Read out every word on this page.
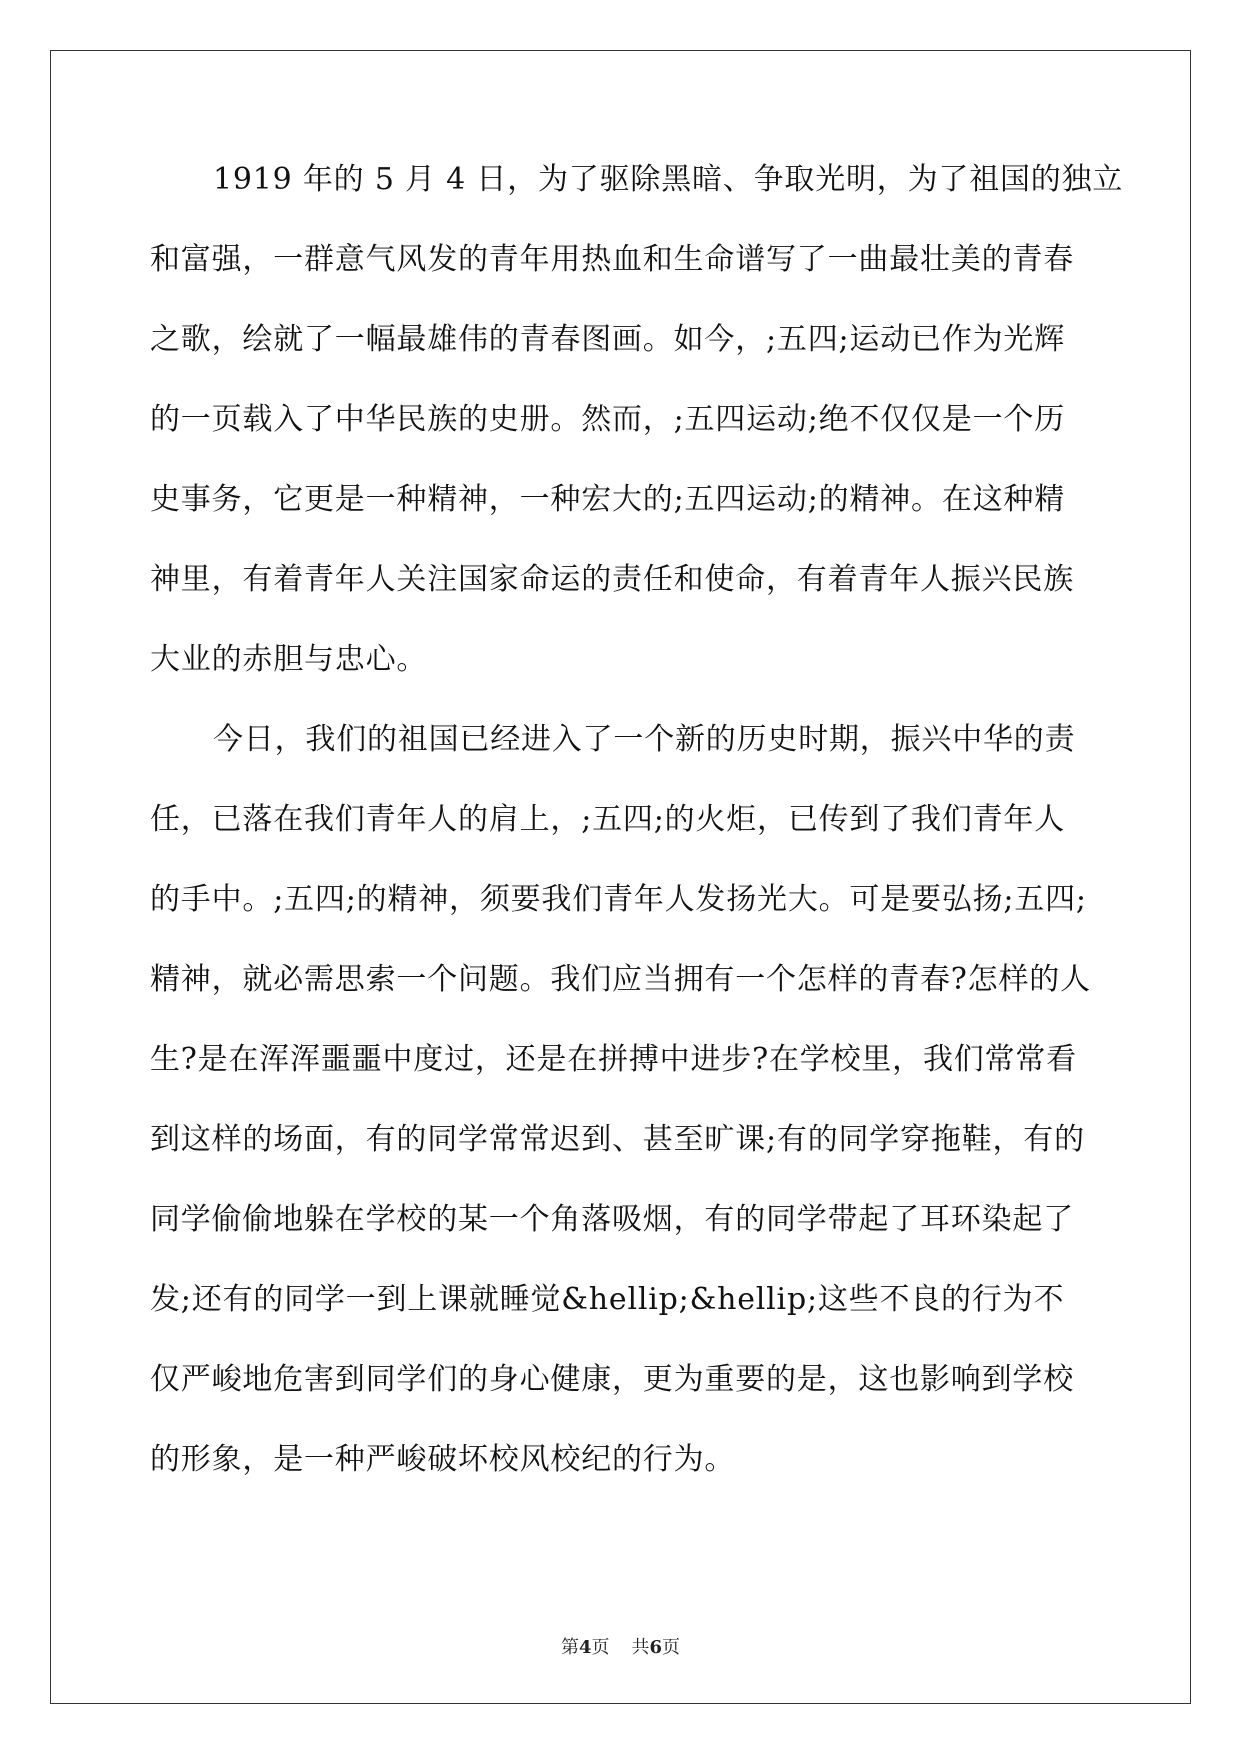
1919 年的 5 月 4 日，为了驱除黑暗、争取光明，为了祖国的独立
和富强，一群意气风发的青年用热血和生命谱写了一曲最壮美的青春
之歌，绘就了一幅最雄伟的青春图画。如今，;五四;运动已作为光辉
的一页载入了中华民族的史册。然而，;五四运动;绝不仅仅是一个历
史事务，它更是一种精神，一种宏大的;五四运动;的精神。在这种精
神里，有着青年人关注国家命运的责任和使命，有着青年人振兴民族
大业的赤胆与忠心。
今日，我们的祖国已经进入了一个新的历史时期，振兴中华的责
任，已落在我们青年人的肩上，;五四;的火炬，已传到了我们青年人
的手中。;五四;的精神，须要我们青年人发扬光大。可是要弘扬;五四;
精神，就必需思索一个问题。我们应当拥有一个怎样的青春?怎样的人
生?是在浑浑噩噩中度过，还是在拼搏中进步?在学校里，我们常常看
到这样的场面，有的同学常常迟到、甚至旷课;有的同学穿拖鞋，有的
同学偷偷地躲在学校的某一个角落吸烟，有的同学带起了耳环染起了
发;还有的同学一到上课就睡觉&hellip;&hellip;这些不良的行为不
仅严峻地危害到同学们的身心健康，更为重要的是，这也影响到学校
的形象，是一种严峻破坏校风校纪的行为。
第4页 共6页
